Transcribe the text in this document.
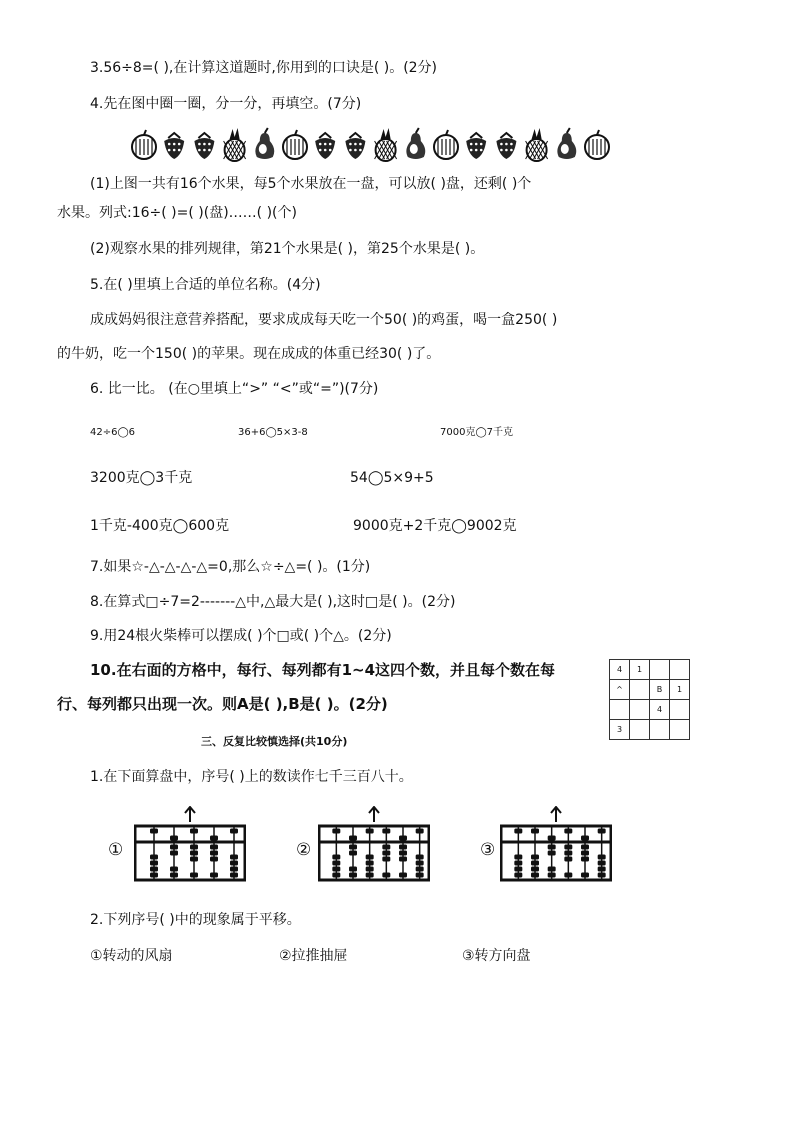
3.56÷8=( ),在计算这道题时,你用到的口诀是( )。(2分)
4.先在图中圈一圈，分一分，再填空。(7分)
(1)上图一共有16个水果，每5个水果放在一盘，可以放( )盘，还剩( )个
水果。列式:16÷( )=( )(盘)……( )(个)
(2)观察水果的排列规律，第21个水果是( )，第25个水果是( )。
5.在( )里填上合适的单位名称。(4分)
成成妈妈很注意营养搭配，要求成成每天吃一个50( )的鸡蛋，喝一盒250( )
的牛奶，吃一个150( )的苹果。现在成成的体重已经30( )了。
6. 比一比。 (在○里填上“>” “<”或“=”)(7分)
42÷6◯6	36+6◯5×3-8	7000克◯7千克
3200克◯3千克	54◯5×9+5
1千克-400克◯600克	9000克+2千克◯9002克
7.如果☆-△-△-△-△=0,那么☆÷△=( )。(1分)
8.在算式□÷7=2-------△中,△最大是( ),这时□是( )。(2分)
9.用24根火柴棒可以摆成( )个□或( )个△。(2分)
10.在右面的方格中，每行、每列都有1~4这四个数，并且每个数在每
行、每列都只出现一次。则A是( ),B是( )。(2分)
4	1		
^		B	1
		4	
3			
三、反复比较慎选择(共10分)
1.在下面算盘中，序号( )上的数读作七千三百八十。
①	②	③
2.下列序号( )中的现象属于平移。
①转动的风扇	②拉推抽屉	③转方向盘
